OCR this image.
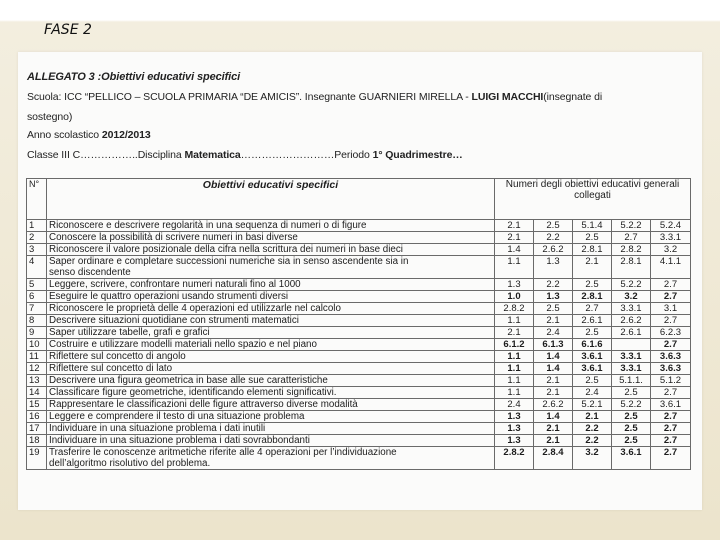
FASE 2
ALLEGATO 3 :Obiettivi educativi specifici
Scuola: ICC “PELLICO – SCUOLA PRIMARIA “DE AMICIS”. Insegnante GUARNIERI MIRELLA - LUIGI MACCHI(insegnate di
sostegno)
Anno scolastico 2012/2013
Classe III C……………..Disciplina Matematica………………………Periodo 1° Quadrimestre…
N°	Obiettivi educativi specifici	Numeri degli obiettivi educativi generali collegati				
1	Riconoscere e descrivere regolarità in una sequenza di numeri o di figure	2.1	2.5	5.1.4	5.2.2	5.2.4
2	Conoscere la possibilità di scrivere numeri in basi diverse	2.1	2.2	2.5	2.7	3.3.1
3	Riconoscere il valore posizionale della cifra nella scrittura dei numeri in base dieci	1.4	2.6.2	2.8.1	2.8.2	3.2
4	Saper ordinare e completare successioni numeriche sia in senso ascendente sia in
senso discendente	1.1	1.3	2.1	2.8.1	4.1.1
5	Leggere, scrivere, confrontare numeri naturali fino al 1000	1.3	2.2	2.5	5.2.2	2.7
6	Eseguire le quattro operazioni usando strumenti diversi	1.0	1.3	2.8.1	3.2	2.7
7	Riconoscere le proprietà delle 4 operazioni ed utilizzarle nel calcolo	2.8.2	2.5	2.7	3.3.1	3.1
8	Descrivere situazioni quotidiane con strumenti matematici	1.1	2.1	2.6.1	2.6.2	2.7
9	Saper utilizzare tabelle, grafi e grafici	2.1	2.4	2.5	2.6.1	6.2.3
10	Costruire e utilizzare modelli materiali nello spazio e nel piano	6.1.2	6.1.3	6.1.6		2.7
11	Riflettere sul concetto di angolo	1.1	1.4	3.6.1	3.3.1	3.6.3
12	Riflettere sul concetto di lato	1.1	1.4	3.6.1	3.3.1	3.6.3
13	Descrivere una figura geometrica in base alle sue caratteristiche	1.1	2.1	2.5	5.1.1.	5.1.2
14	Classificare figure geometriche, identificando elementi significativi.	1.1	2.1	2.4	2.5	2.7
15	Rappresentare le classificazioni delle figure attraverso diverse modalità	2.4	2.6.2	5.2.1	5.2.2	3.6.1
16	Leggere e comprendere il testo di una situazione problema	1.3	1.4	2.1	2.5	2.7
17	Individuare in una situazione problema i dati inutili	1.3	2.1	2.2	2.5	2.7
18	Individuare in una situazione problema i dati sovrabbondanti	1.3	2.1	2.2	2.5	2.7
19	Trasferire le conoscenze aritmetiche riferite alle 4 operazioni per l’individuazione
dell’algoritmo risolutivo del problema.	2.8.2	2.8.4	3.2	3.6.1	2.7
